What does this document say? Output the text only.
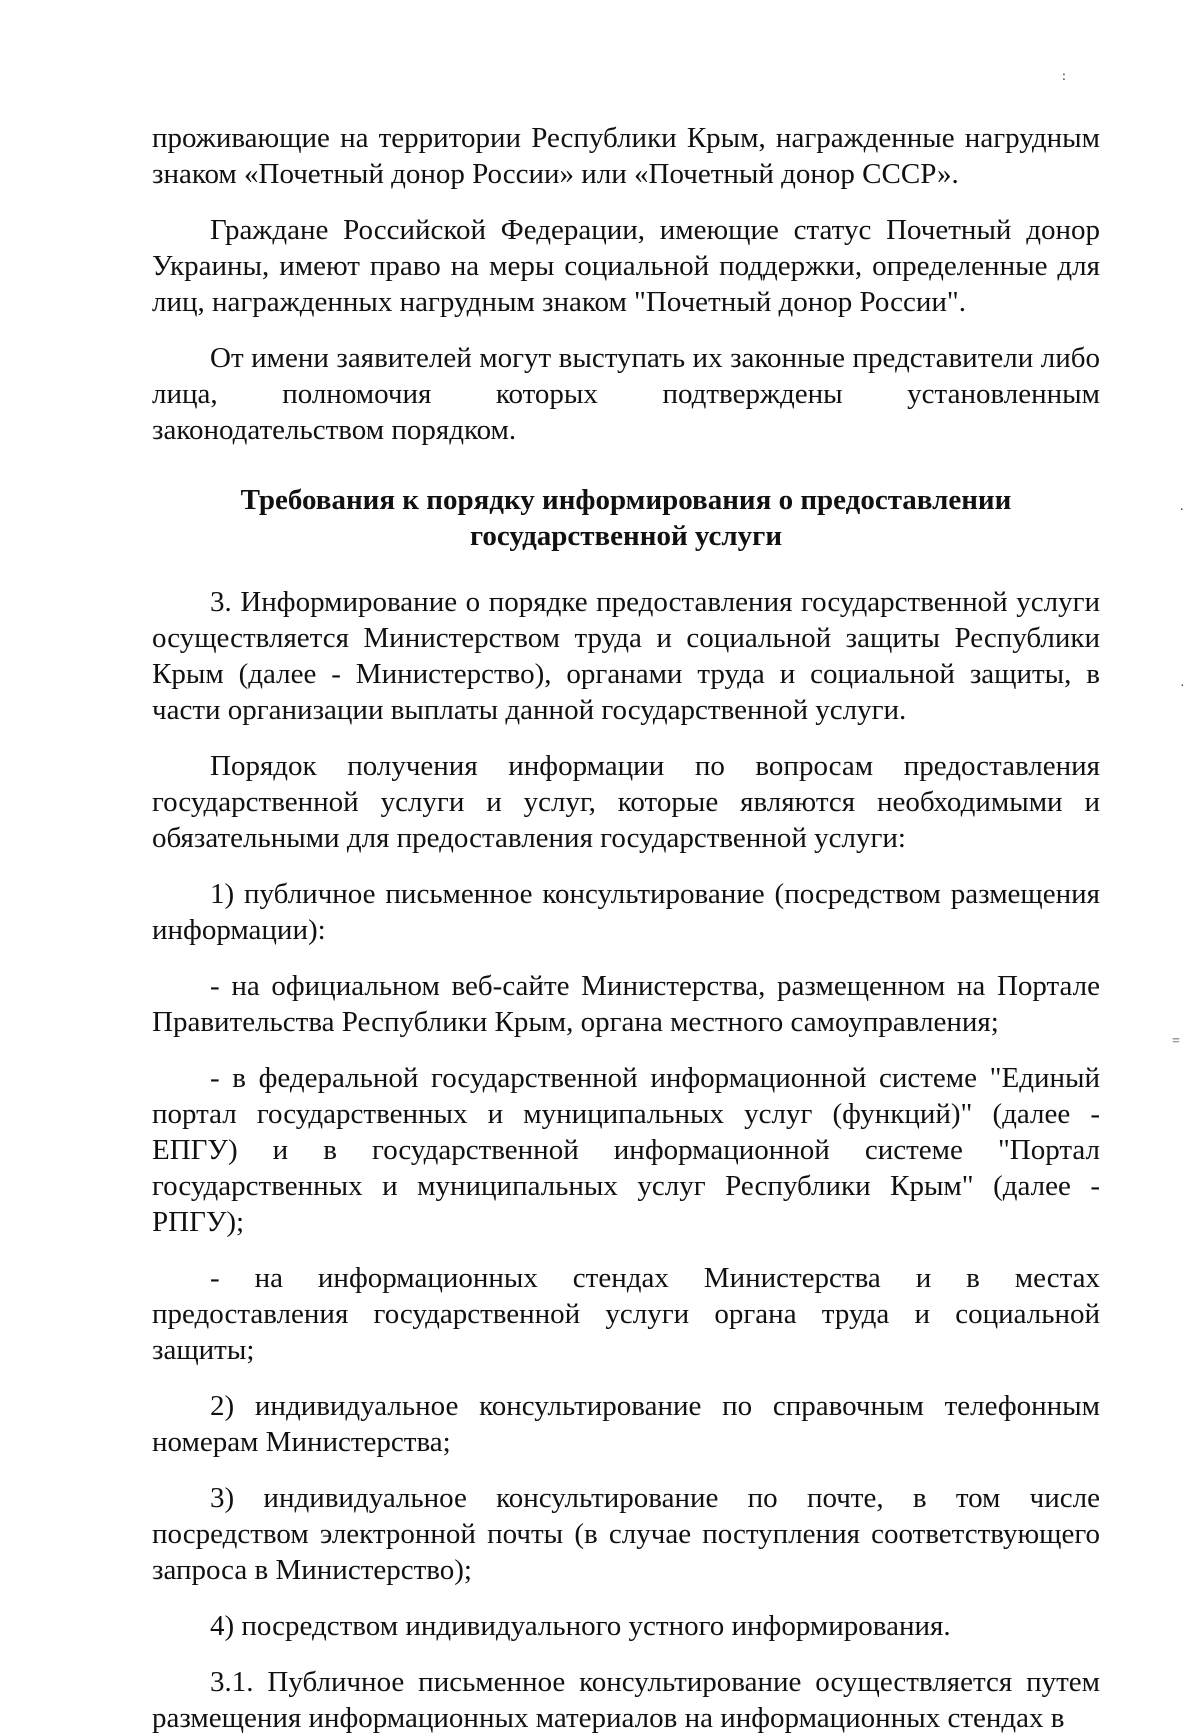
:
.
·
=

проживающие на территории Республики Крым, награжденные нагрудным знаком «Почетный донор России» или «Почетный донор СССР».

Граждане Российской Федерации, имеющие статус Почетный донор Украины, имеют право на меры социальной поддержки, определенные для лиц, награжденных нагрудным знаком "Почетный донор России".

От имени заявителей могут выступать их законные представители либо лица, полномочия которых подтверждены установленным законодательством порядком.

Требования к порядку информирования о предоставлении
государственной услуги

3. Информирование о порядке предоставления государственной услуги осуществляется Министерством труда и социальной защиты Республики Крым (далее - Министерство), органами труда и социальной защиты, в части организации выплаты данной государственной услуги.

Порядок получения информации по вопросам предоставления государственной услуги и услуг, которые являются необходимыми и обязательными для предоставления государственной услуги:

1) публичное письменное консультирование (посредством размещения информации):

- на официальном веб-сайте Министерства, размещенном на Портале Правительства Республики Крым, органа местного самоуправления;

- в федеральной государственной информационной системе "Единый портал государственных и муниципальных услуг (функций)" (далее - ЕПГУ) и в государственной информационной системе "Портал государственных и муниципальных услуг Республики Крым" (далее - РПГУ);

- на информационных стендах Министерства и в местах предоставления государственной услуги органа труда и социальной защиты;

2) индивидуальное консультирование по справочным телефонным номерам Министерства;

3) индивидуальное консультирование по почте, в том числе посредством электронной почты (в случае поступления соответствующего запроса в Министерство);

4) посредством индивидуального устного информирования.

3.1. Публичное письменное консультирование осуществляется путем размещения информационных материалов на информационных стендах в
